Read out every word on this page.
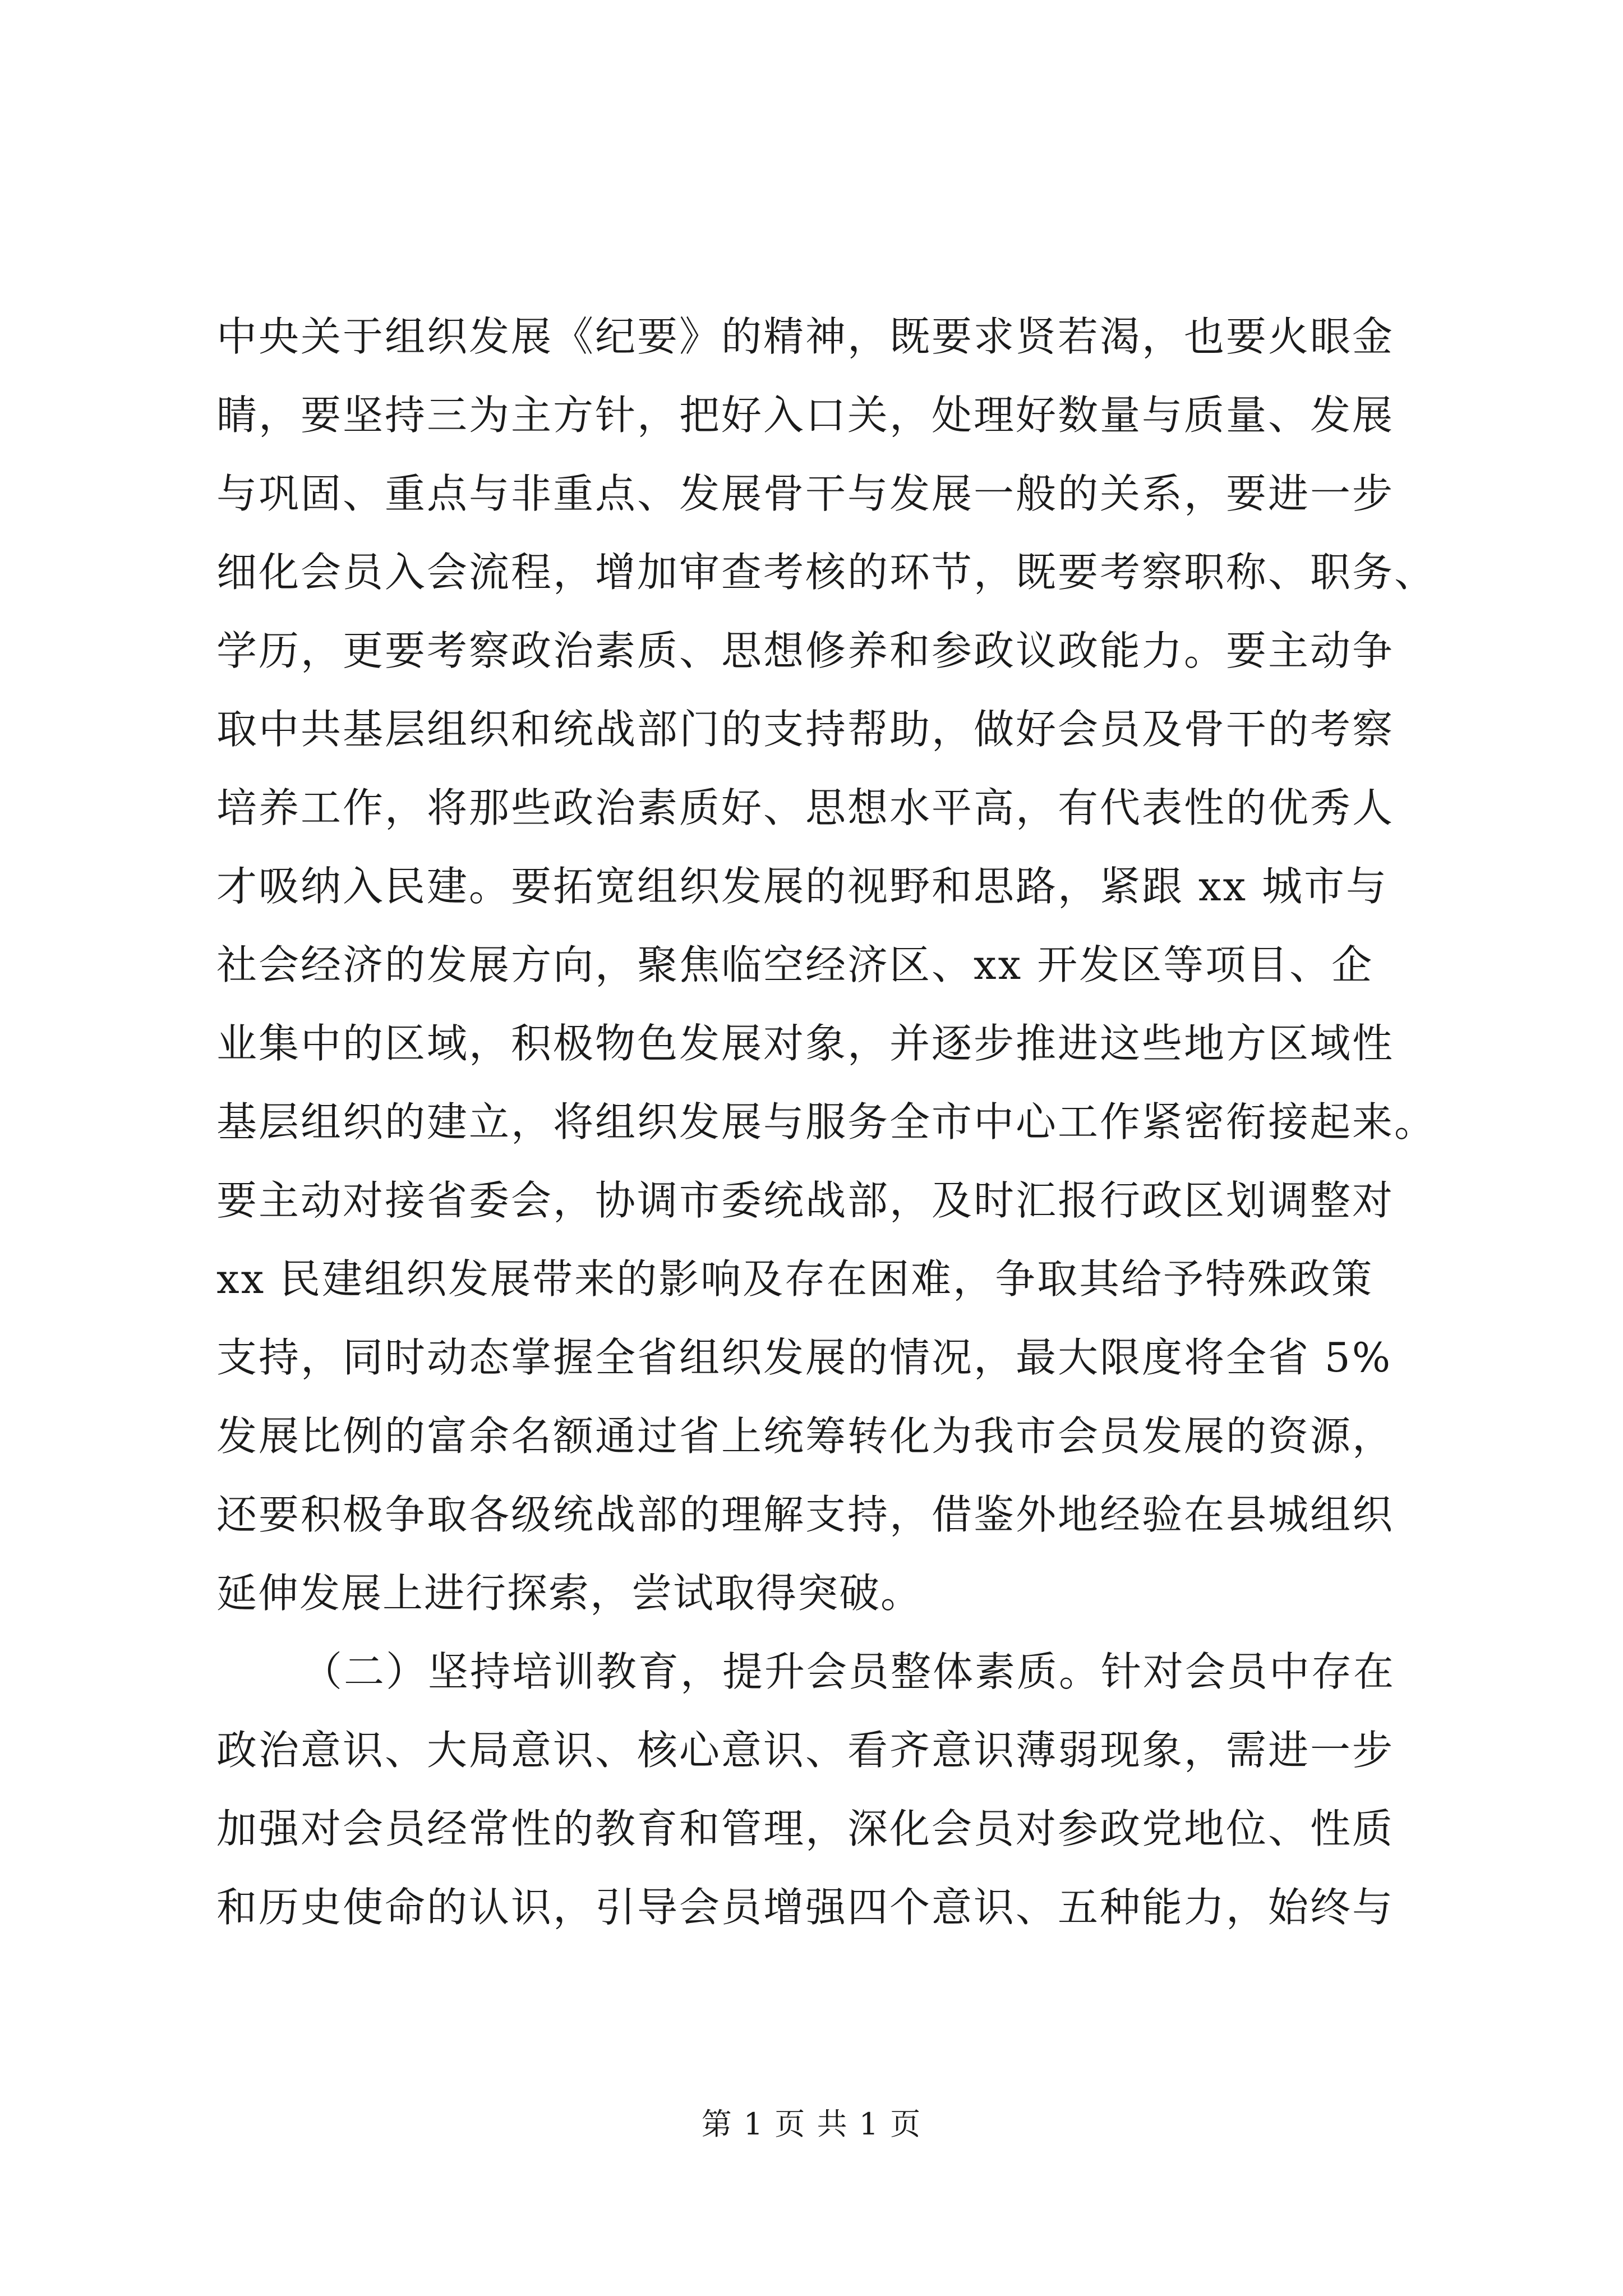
中央关于组织发展《纪要》的精神，既要求贤若渴，也要火眼金
睛，要坚持三为主方针，把好入口关，处理好数量与质量、发展
与巩固、重点与非重点、发展骨干与发展一般的关系，要进一步
细化会员入会流程，增加审查考核的环节，既要考察职称、职务、
学历，更要考察政治素质、思想修养和参政议政能力。要主动争
取中共基层组织和统战部门的支持帮助，做好会员及骨干的考察
培养工作，将那些政治素质好、思想水平高，有代表性的优秀人
才吸纳入民建。要拓宽组织发展的视野和思路，紧跟 xx 城市与
社会经济的发展方向，聚焦临空经济区、xx 开发区等项目、企
业集中的区域，积极物色发展对象，并逐步推进这些地方区域性
基层组织的建立，将组织发展与服务全市中心工作紧密衔接起来。
要主动对接省委会，协调市委统战部，及时汇报行政区划调整对
xx 民建组织发展带来的影响及存在困难，争取其给予特殊政策
支持，同时动态掌握全省组织发展的情况，最大限度将全省 5%
发展比例的富余名额通过省上统筹转化为我市会员发展的资源，
还要积极争取各级统战部的理解支持，借鉴外地经验在县城组织
延伸发展上进行探索，尝试取得突破。
（二）坚持培训教育，提升会员整体素质。针对会员中存在
政治意识、大局意识、核心意识、看齐意识薄弱现象，需进一步
加强对会员经常性的教育和管理，深化会员对参政党地位、性质
和历史使命的认识，引导会员增强四个意识、五种能力，始终与
第 1 页 共 1 页
